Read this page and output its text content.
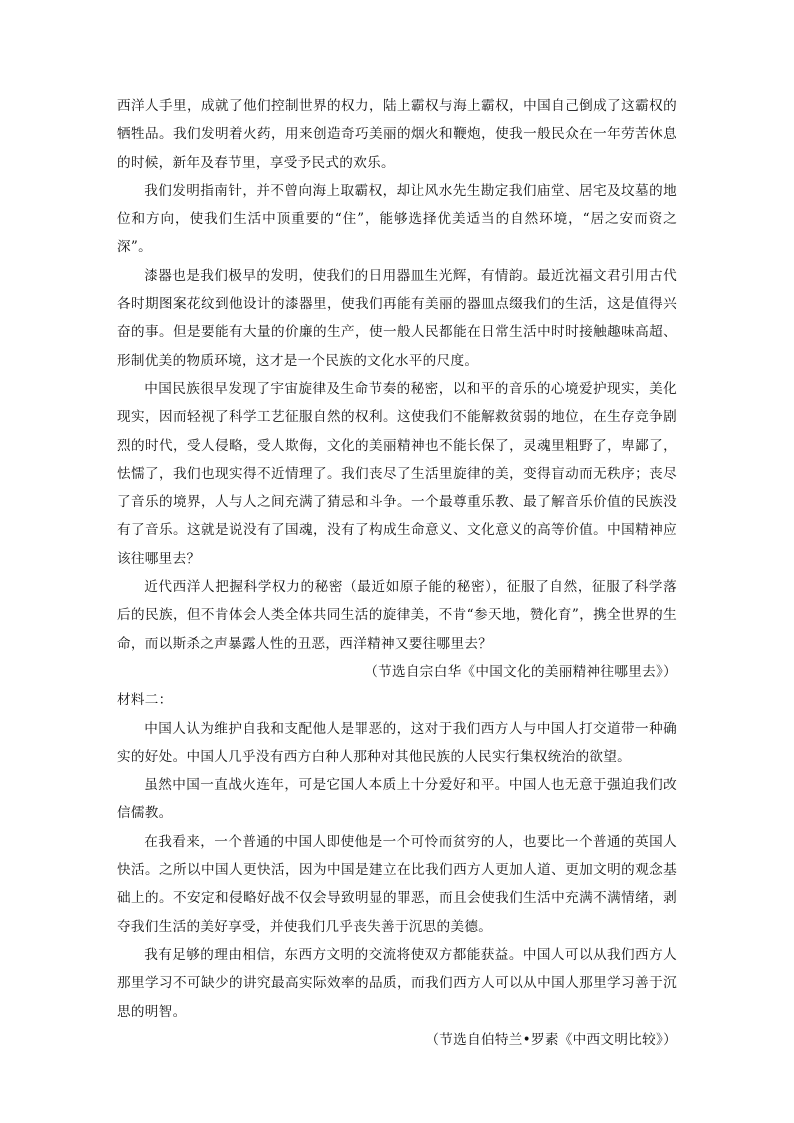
西洋人手里，成就了他们控制世界的权力，陆上霸权与海上霸权，中国自己倒成了这霸权的牺牲品。我们发明着火药，用来创造奇巧美丽的烟火和鞭炮，使我一般民众在一年劳苦休息的时候，新年及春节里，享受予民式的欢乐。

我们发明指南针，并不曾向海上取霸权，却让风水先生勘定我们庙堂、居宅及坟墓的地位和方向，使我们生活中顶重要的“住”，能够选择优美适当的自然环境，“居之安而资之深”。

漆器也是我们极早的发明，使我们的日用器皿生光辉，有情韵。最近沈福文君引用古代各时期图案花纹到他设计的漆器里，使我们再能有美丽的器皿点缀我们的生活，这是值得兴奋的事。但是要能有大量的价廉的生产，使一般人民都能在日常生活中时时接触趣味高超、形制优美的物质环境，这才是一个民族的文化水平的尺度。

中国民族很早发现了宇宙旋律及生命节奏的秘密，以和平的音乐的心境爱护现实，美化现实，因而轻视了科学工艺征服自然的权利。这使我们不能解救贫弱的地位，在生存竞争剧烈的时代，受人侵略，受人欺侮，文化的美丽精神也不能长保了，灵魂里粗野了，卑鄙了，怯懦了，我们也现实得不近情理了。我们丧尽了生活里旋律的美，变得盲动而无秩序；丧尽了音乐的境界，人与人之间充满了猜忌和斗争。一个最尊重乐教、最了解音乐价值的民族没有了音乐。这就是说没有了国魂，没有了构成生命意义、文化意义的高等价值。中国精神应该往哪里去？

近代西洋人把握科学权力的秘密（最近如原子能的秘密），征服了自然，征服了科学落后的民族，但不肯体会人类全体共同生活的旋律美，不肯“参天地，赞化育”，携全世界的生命，而以斯杀之声暴露人性的丑恶，西洋精神又要往哪里去？

（节选自宗白华《中国文化的美丽精神往哪里去》）

材料二：

中国人认为维护自我和支配他人是罪恶的，这对于我们西方人与中国人打交道带一种确实的好处。中国人几乎没有西方白种人那种对其他民族的人民实行集权统治的欲望。

虽然中国一直战火连年，可是它国人本质上十分爱好和平。中国人也无意于强迫我们改信儒教。

在我看来，一个普通的中国人即使他是一个可怜而贫穷的人，也要比一个普通的英国人快活。之所以中国人更快活，因为中国是建立在比我们西方人更加人道、更加文明的观念基础上的。不安定和侵略好战不仅会导致明显的罪恶，而且会使我们生活中充满不满情绪，剥夺我们生活的美好享受，并使我们几乎丧失善于沉思的美德。

我有足够的理由相信，东西方文明的交流将使双方都能获益。中国人可以从我们西方人那里学习不可缺少的讲究最高实际效率的品质，而我们西方人可以从中国人那里学习善于沉思的明智。

（节选自伯特兰•罗素《中西文明比较》）
